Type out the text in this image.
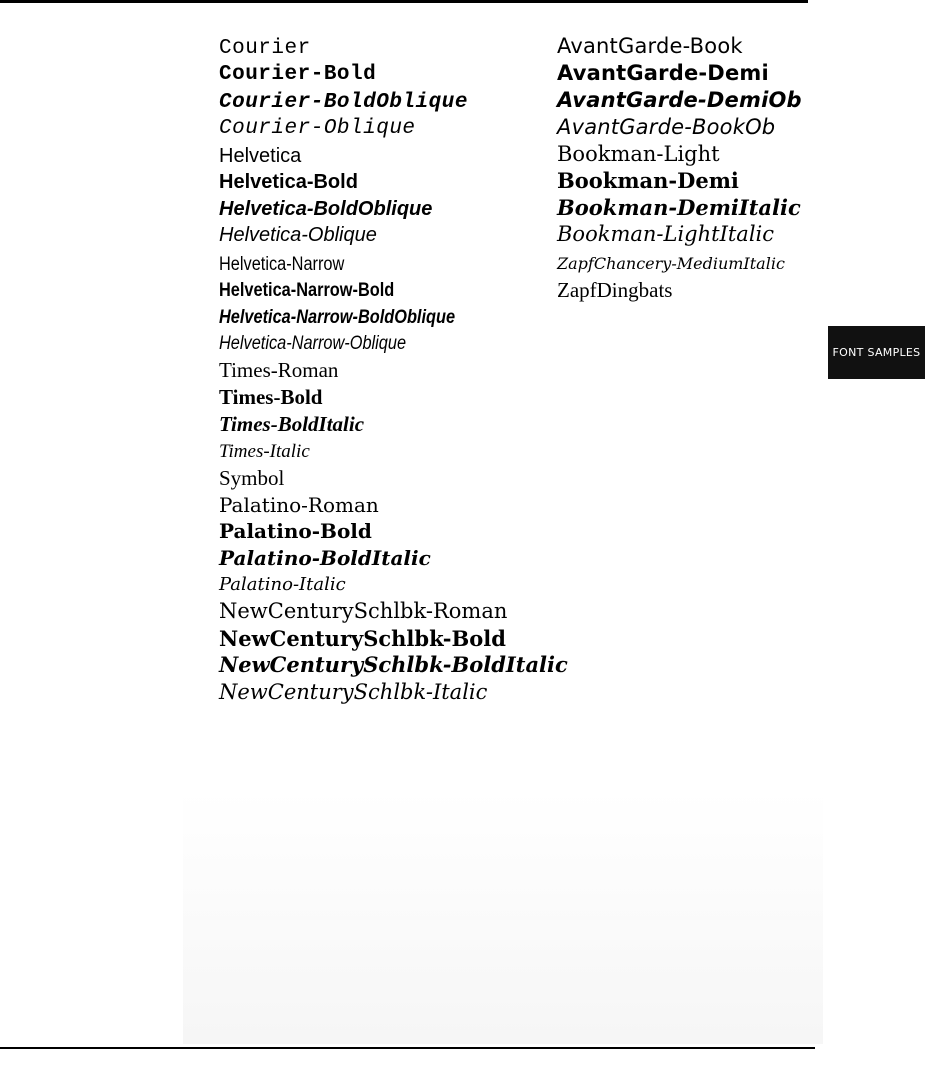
Courier
Courier-Bold
Courier-BoldOblique
Courier-Oblique
Helvetica
Helvetica-Bold
Helvetica-BoldOblique
Helvetica-Oblique
Helvetica-Narrow
Helvetica-Narrow-Bold
Helvetica-Narrow-BoldOblique
Helvetica-Narrow-Oblique
Times-Roman
Times-Bold
Times-BoldItalic
Times-Italic
Symbol
Palatino-Roman
Palatino-Bold
Palatino-BoldItalic
Palatino-Italic
NewCenturySchlbk-Roman
NewCenturySchlbk-Bold
NewCenturySchlbk-BoldItalic
NewCenturySchlbk-Italic
AvantGarde-Book
AvantGarde-Demi
AvantGarde-DemiOb
AvantGarde-BookOb
Bookman-Light
Bookman-Demi
Bookman-DemiItalic
Bookman-LightItalic
ZapfChancery-MediumItalic
ZapfDingbats
FONT SAMPLES
